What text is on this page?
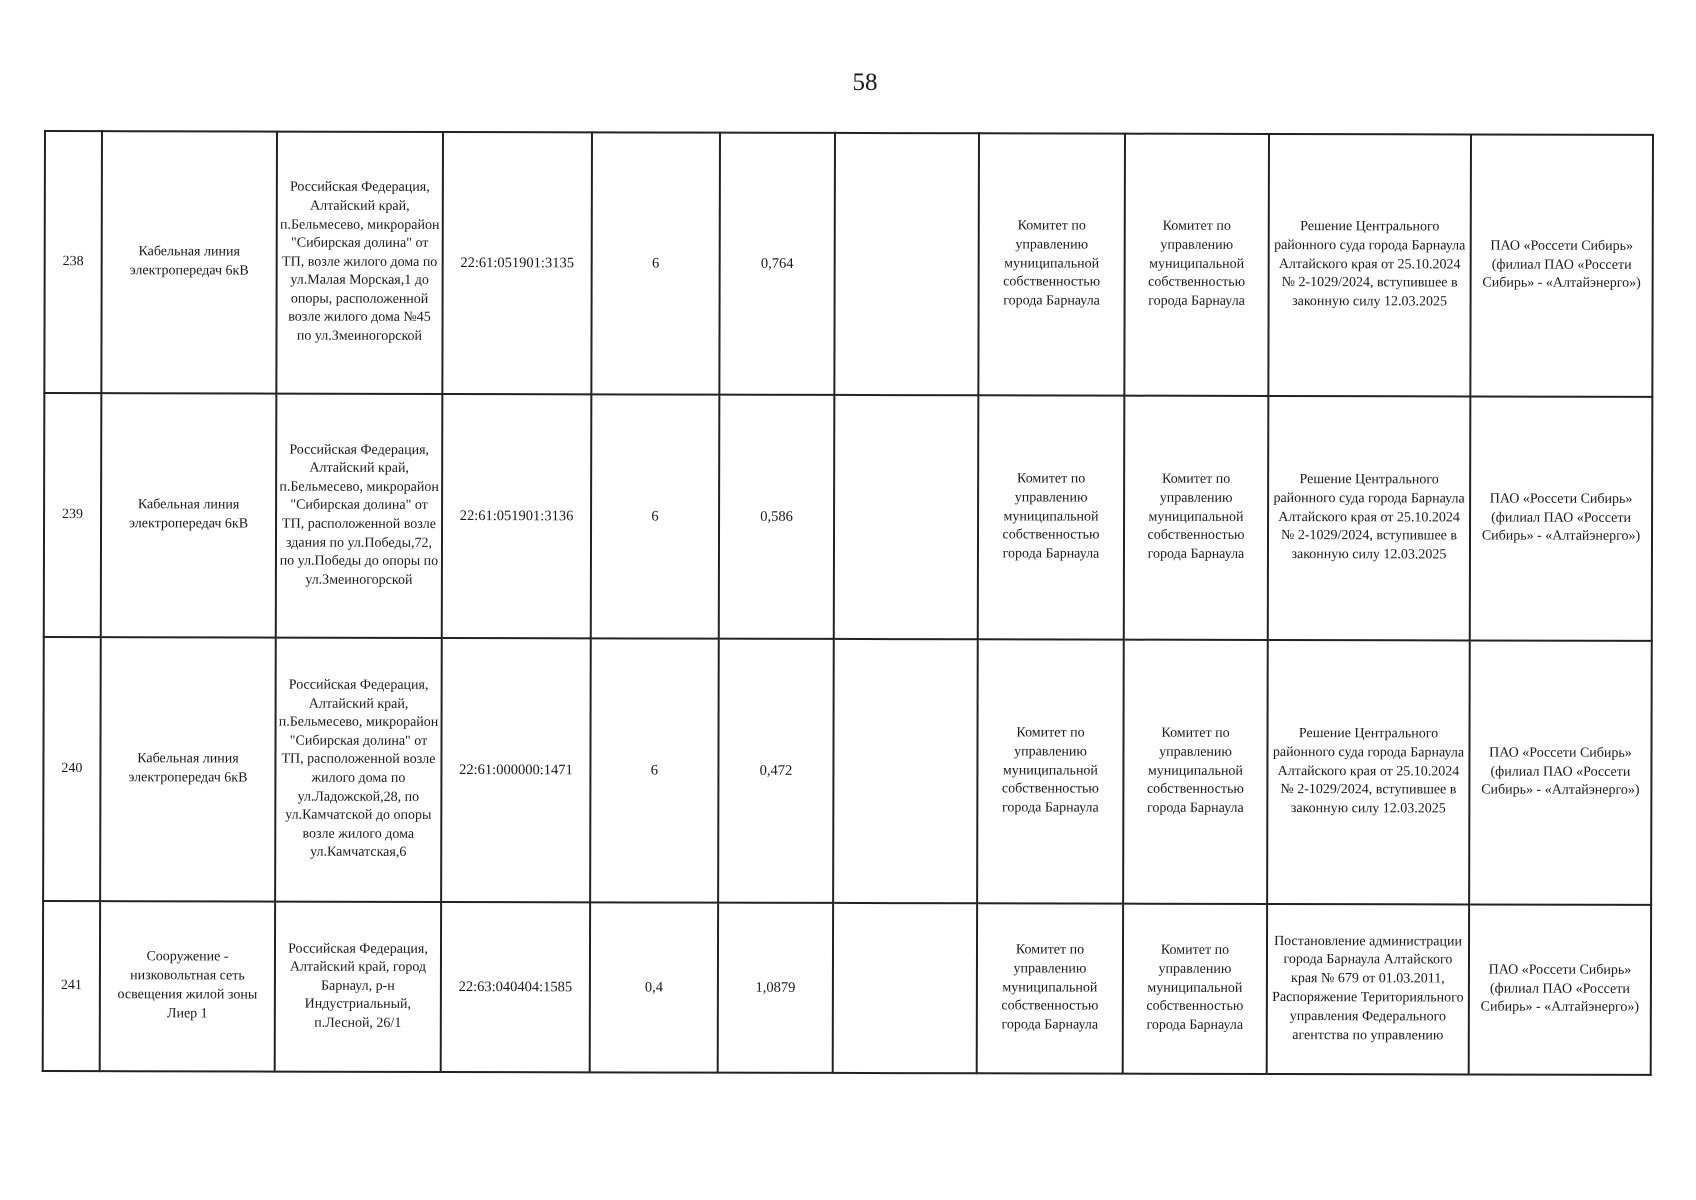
58
238	Кабельная линия электропередач 6кВ	Российская Федерация, Алтайский край, п.Бельмесево, микрорайон "Сибирская долина" от ТП, возле жилого дома по ул.Малая Морская,1 до опоры, расположенной возле жилого дома №45 по ул.Змеиногорской	22:61:051901:3135	6	0,764		Комитет по управлению муниципальной собственностью города Барнаула	Комитет по управлению муниципальной собственностью города Барнаула	Решение Центрального районного суда города Барнаула Алтайского края от 25.10.2024
№ 2-1029/2024, вступившее в законную силу 12.03.2025	ПАО «Россети Сибирь» (филиал ПАО «Россети Сибирь» - «Алтайэнерго»)
239	Кабельная линия электропередач 6кВ	Российская Федерация, Алтайский край, п.Бельмесево, микрорайон "Сибирская долина" от ТП, расположенной возле здания по ул.Победы,72, по ул.Победы до опоры по ул.Змеиногорской	22:61:051901:3136	6	0,586		Комитет по управлению муниципальной собственностью города Барнаула	Комитет по управлению муниципальной собственностью города Барнаула	Решение Центрального районного суда города Барнаула Алтайского края от 25.10.2024
№ 2-1029/2024, вступившее в законную силу 12.03.2025	ПАО «Россети Сибирь» (филиал ПАО «Россети Сибирь» - «Алтайэнерго»)
240	Кабельная линия электропередач 6кВ	Российская Федерация, Алтайский край, п.Бельмесево, микрорайон "Сибирская долина" от ТП, расположенной возле жилого дома по ул.Ладожской,28, по ул.Камчатской до опоры возле жилого дома ул.Камчатская,6	22:61:000000:1471	6	0,472		Комитет по управлению муниципальной собственностью города Барнаула	Комитет по управлению муниципальной собственностью города Барнаула	Решение Центрального районного суда города Барнаула Алтайского края от 25.10.2024 № 2-1029/2024, вступившее в законную силу 12.03.2025	ПАО «Россети Сибирь» (филиал ПАО «Россети Сибирь» - «Алтайэнерго»)
241	Сооружение - низковольтная сеть освещения жилой зоны Лиер 1	Российская Федерация, Алтайский край, город Барнаул, р-н Индустриальный, п.Лесной, 26/1	22:63:040404:1585	0,4	1,0879		Комитет по управлению муниципальной собственностью города Барнаула	Комитет по управлению муниципальной собственностью города Барнаула	Постановление администрации города Барнаула Алтайского края № 679 от 01.03.2011, Распоряжение Територияльного управления Федерального агентства по управлению	ПАО «Россети Сибирь» (филиал ПАО «Россети Сибирь» - «Алтайэнерго»)
